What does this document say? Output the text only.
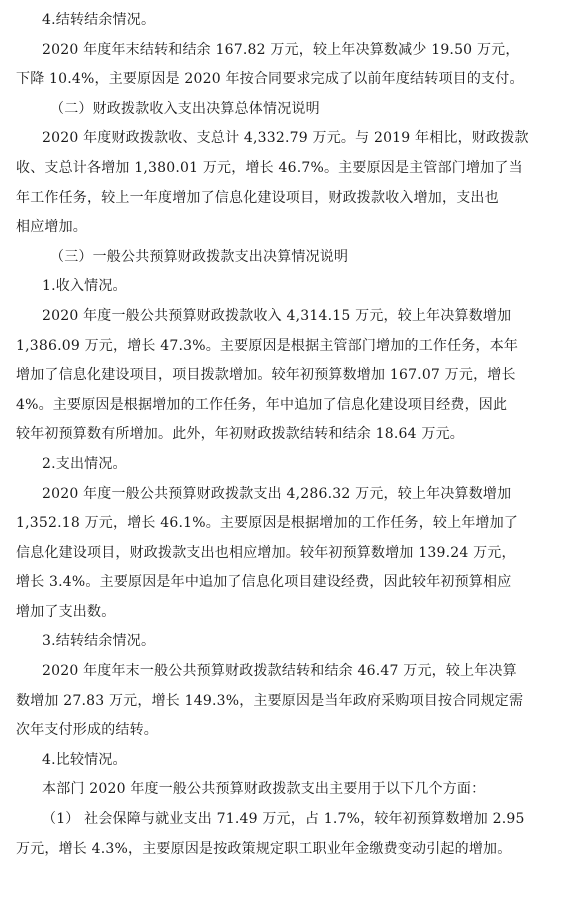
4.结转结余情况。
2020 年度年末结转和结余 167.82 万元，较上年决算数减少 19.50 万元，
下降 10.4%，主要原因是 2020 年按合同要求完成了以前年度结转项目的支付。
（二）财政拨款收入支出决算总体情况说明
2020 年度财政拨款收、支总计 4,332.79 万元。与 2019 年相比，财政拨款
收、支总计各增加 1,380.01 万元，增长 46.7%。主要原因是主管部门增加了当
年工作任务，较上一年度增加了信息化建设项目，财政拨款收入增加，支出也
相应增加。
（三）一般公共预算财政拨款支出决算情况说明
1.收入情况。
2020 年度一般公共预算财政拨款收入 4,314.15 万元，较上年决算数增加
1,386.09 万元，增长 47.3%。主要原因是根据主管部门增加的工作任务，本年
增加了信息化建设项目，项目拨款增加。较年初预算数增加 167.07 万元，增长
4%。主要原因是根据增加的工作任务，年中追加了信息化建设项目经费，因此
较年初预算数有所增加。此外，年初财政拨款结转和结余 18.64 万元。
2.支出情况。
2020 年度一般公共预算财政拨款支出 4,286.32 万元，较上年决算数增加
1,352.18 万元，增长 46.1%。主要原因是根据增加的工作任务，较上年增加了
信息化建设项目，财政拨款支出也相应增加。较年初预算数增加 139.24 万元，
增长 3.4%。主要原因是年中追加了信息化项目建设经费，因此较年初预算相应
增加了支出数。
3.结转结余情况。
2020 年度年末一般公共预算财政拨款结转和结余 46.47 万元，较上年决算
数增加 27.83 万元，增长 149.3%，主要原因是当年政府采购项目按合同规定需
次年支付形成的结转。
4.比较情况。
本部门 2020 年度一般公共预算财政拨款支出主要用于以下几个方面：
（1） 社会保障与就业支出 71.49 万元，占 1.7%，较年初预算数增加 2.95
万元，增长 4.3%，主要原因是按政策规定职工职业年金缴费变动引起的增加。
